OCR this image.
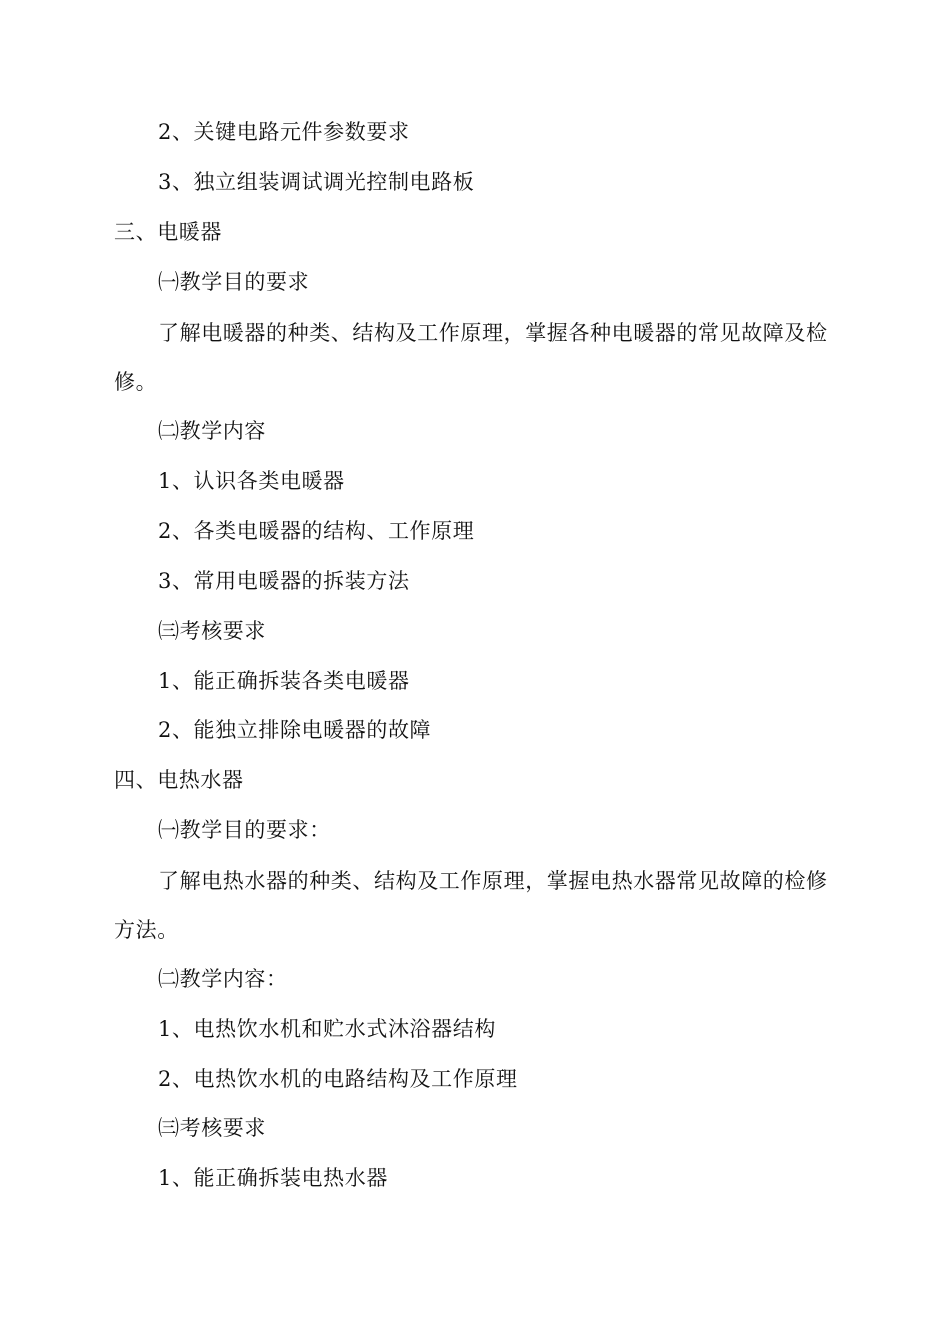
2、关键电路元件参数要求
3、独立组装调试调光控制电路板
三、电暖器
㈠教学目的要求
了解电暖器的种类、结构及工作原理，掌握各种电暖器的常见故障及检修。
㈡教学内容
1、认识各类电暖器
2、各类电暖器的结构、工作原理
3、常用电暖器的拆装方法
㈢考核要求
1、能正确拆装各类电暖器
2、能独立排除电暖器的故障
四、电热水器
㈠教学目的要求：
了解电热水器的种类、结构及工作原理，掌握电热水器常见故障的检修方法。
㈡教学内容：
1、电热饮水机和贮水式沐浴器结构
2、电热饮水机的电路结构及工作原理
㈢考核要求
1、能正确拆装电热水器
